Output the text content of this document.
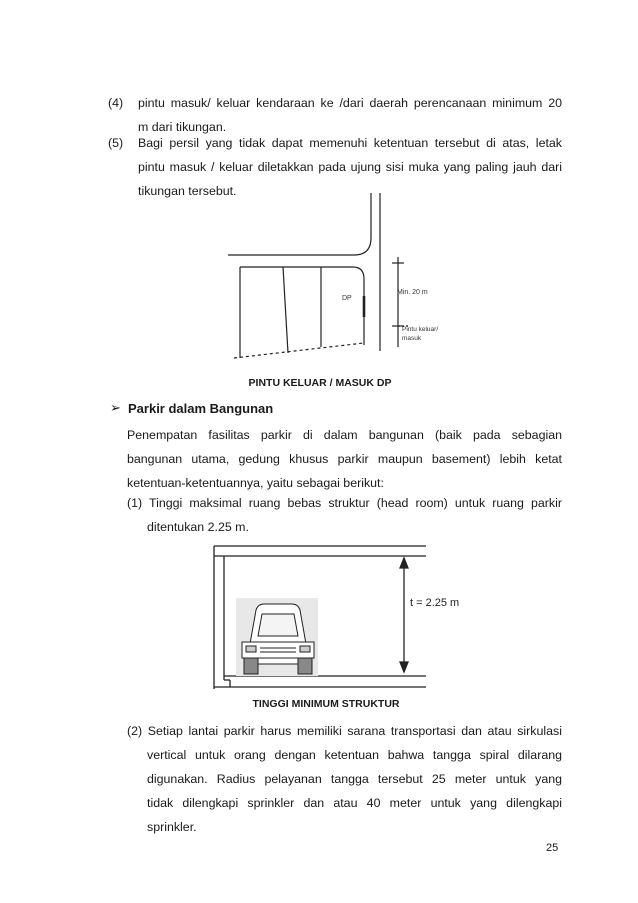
(4) pintu masuk/ keluar kendaraan ke /dari daerah perencanaan minimum 20
m dari tikungan.
(5) Bagi persil yang tidak dapat memenuhi ketentuan tersebut di atas, letak
pintu masuk / keluar diletakkan pada ujung sisi muka yang paling jauh dari
tikungan tersebut.
DP
Min. 20 m
Pintu keluar/
masuk
PINTU KELUAR / MASUK DP
➢ Parkir dalam Bangunan
Penempatan fasilitas parkir di dalam bangunan (baik pada sebagian
bangunan utama, gedung khusus parkir maupun basement) lebih ketat
ketentuan-ketentuannya, yaitu sebagai berikut:
(1) Tinggi maksimal ruang bebas struktur (head room) untuk ruang parkir
ditentukan 2.25 m.
t = 2.25 m
TINGGI MINIMUM STRUKTUR
(2) Setiap lantai parkir harus memiliki sarana transportasi dan atau sirkulasi
vertical untuk orang dengan ketentuan bahwa tangga spiral dilarang
digunakan. Radius pelayanan tangga tersebut 25 meter untuk yang
tidak dilengkapi sprinkler dan atau 40 meter untuk yang dilengkapi
sprinkler.
25
